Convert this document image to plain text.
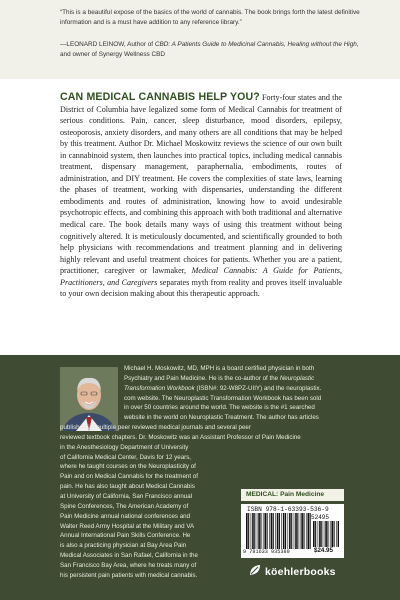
“This is a beautiful expose of the basics of the world of cannabis. The book brings forth the latest definitive information and is a must have addition to any reference library.”

—LEONARD LEINOW, Author of CBD: A Patients Guide to Medicinal Cannabis, Healing without the High, and owner of Synergy Wellness CBD

CAN MEDICAL CANNABIS HELP YOU? Forty-four states and the District of Columbia have legalized some form of Medical Cannabis for treatment of serious conditions. Pain, cancer, sleep disturbance, mood disorders, epilepsy, osteoporosis, anxiety disorders, and many others are all conditions that may be helped by this treatment. Author Dr. Michael Moskowitz reviews the science of our own built in cannabinoid system, then launches into practical topics, including medical cannabis treatment, dispensary management, paraphernalia, embodiments, routes of administration, and DIY treatment. He covers the complexities of state laws, learning the phases of treatment, working with dispensaries, understanding the different embodiments and routes of administration, knowing how to avoid undesirable psychotropic effects, and combining this approach with both traditional and alternative medical care. The book details many ways of using this treatment without being cognitively altered. It is meticulously documented, and scientifically grounded to both help physicians with recommendations and treatment planning and in delivering highly relevant and useful treatment choices for patients. Whether you are a patient, practitioner, caregiver or lawmaker, Medical Cannabis: A Guide for Patients, Practitioners, and Caregivers separates myth from reality and proves itself invaluable to your own decision making about this therapeutic approach.

Michael H. Moskowitz, MD, MPH is a board certified physician in both
Psychiatry and Pain Medicine. He is the co-author of the Neuroplastic
Transformation Workbook (ISBN#: 92-W8PZ-UIIY) and the neuroplastix.
com website. The Neuroplastic Transformation Workbook has been sold
in over 50 countries around the world. The website is the #1 searched
website in the world on Neuroplastic Treatment. The author has articles
published in multiple peer reviewed medical journals and several peer
reviewed textbook chapters. Dr. Moskowitz was an Assistant Professor of Pain Medicine
in the Anesthesiology Department of University
of California Medical Center, Davis for 12 years,
where he taught courses on the Neuroplasticity of
Pain and on Medical Cannabis for the treatment of
pain. He has also taught about Medical Cannabis
at University of California, San Francisco annual
Spine Conferences, The American Academy of
Pain Medicine annual national conferences and
Walter Reed Army Hospital at the Military and VA
Annual International Pain Skills Conference. He
is also a practicing physician at Bay Area Pain
Medical Associates in San Rafael, California in the
San Francisco Bay Area, where he treats many of
his persistent pain patients with medical cannabis.
MEDICAL: Pain Medicine
ISBN 978-1-63393-536-9
52495
9 781633 935389	$24.95
köehlerbooks
